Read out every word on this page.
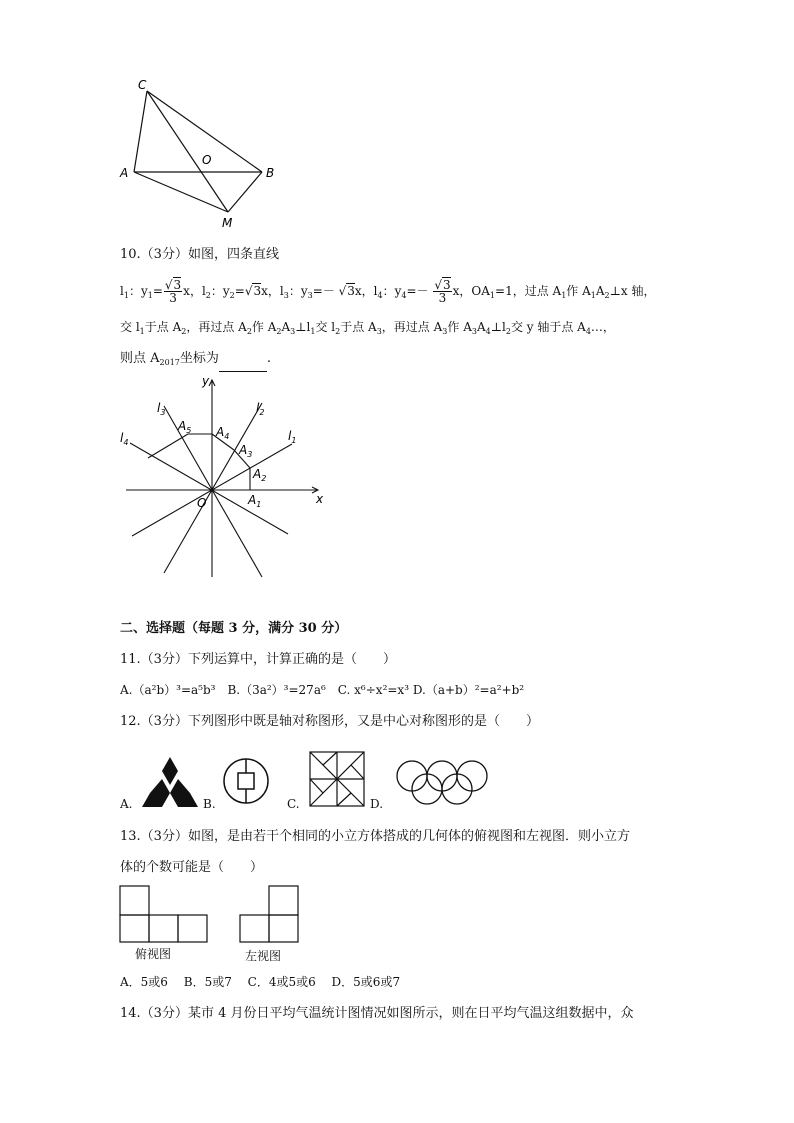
C
A	B
O
M
10.（3分）如图，四条直线
$l_1$：$y_1= \frac{√3}{3}$ x，$l_2$：$y_2=√3x$，$l_3$：$y_3=- √3x$，$l_4$：$y_4=- \frac{√3}{3}$ x，$OA_1=1$，过点 $A_1$作 $A_1A_2\perp x$ 轴，
交 $l_1$于点 $A_2$，再过点 $A_2$作 $A_2A_3\perp l_1$交 $l_2$于点 $A_3$，再过点 $A_3$作 $A_3A_4\perp l_2$交 y 轴于点 $A_4\dots$，
则点 $A_{2017}$坐标为	.
y
x
O
$l_1$
$l_2$
$l_3$
$l_4$
$A_1$
$A_2$
$A_3$
$A_4$
$A_5$
二、选择题（每题 3 分，满分 30 分）
11.（3分）下列运算中，计算正确的是（　　）
A.（a²b）³=a⁵b³　B.（3a²）³=27a⁶　C. x⁶÷x²=x³ D.（a+b）²=a²+b²
12.（3分）下列图形中既是轴对称图形，又是中心对称图形的是（　　）
A.	B.	C.	D.
13.（3分）如图，是由若干个相同的小立方体搭成的几何体的俯视图和左视图．则小立方
体的个数可能是（　　）
俯视图	左视图
A．5或6　 B．5或7　 C．4或5或6　 D．5或6或7
14.（3分）某市 4 月份日平均气温统计图情况如图所示，则在日平均气温这组数据中，众
